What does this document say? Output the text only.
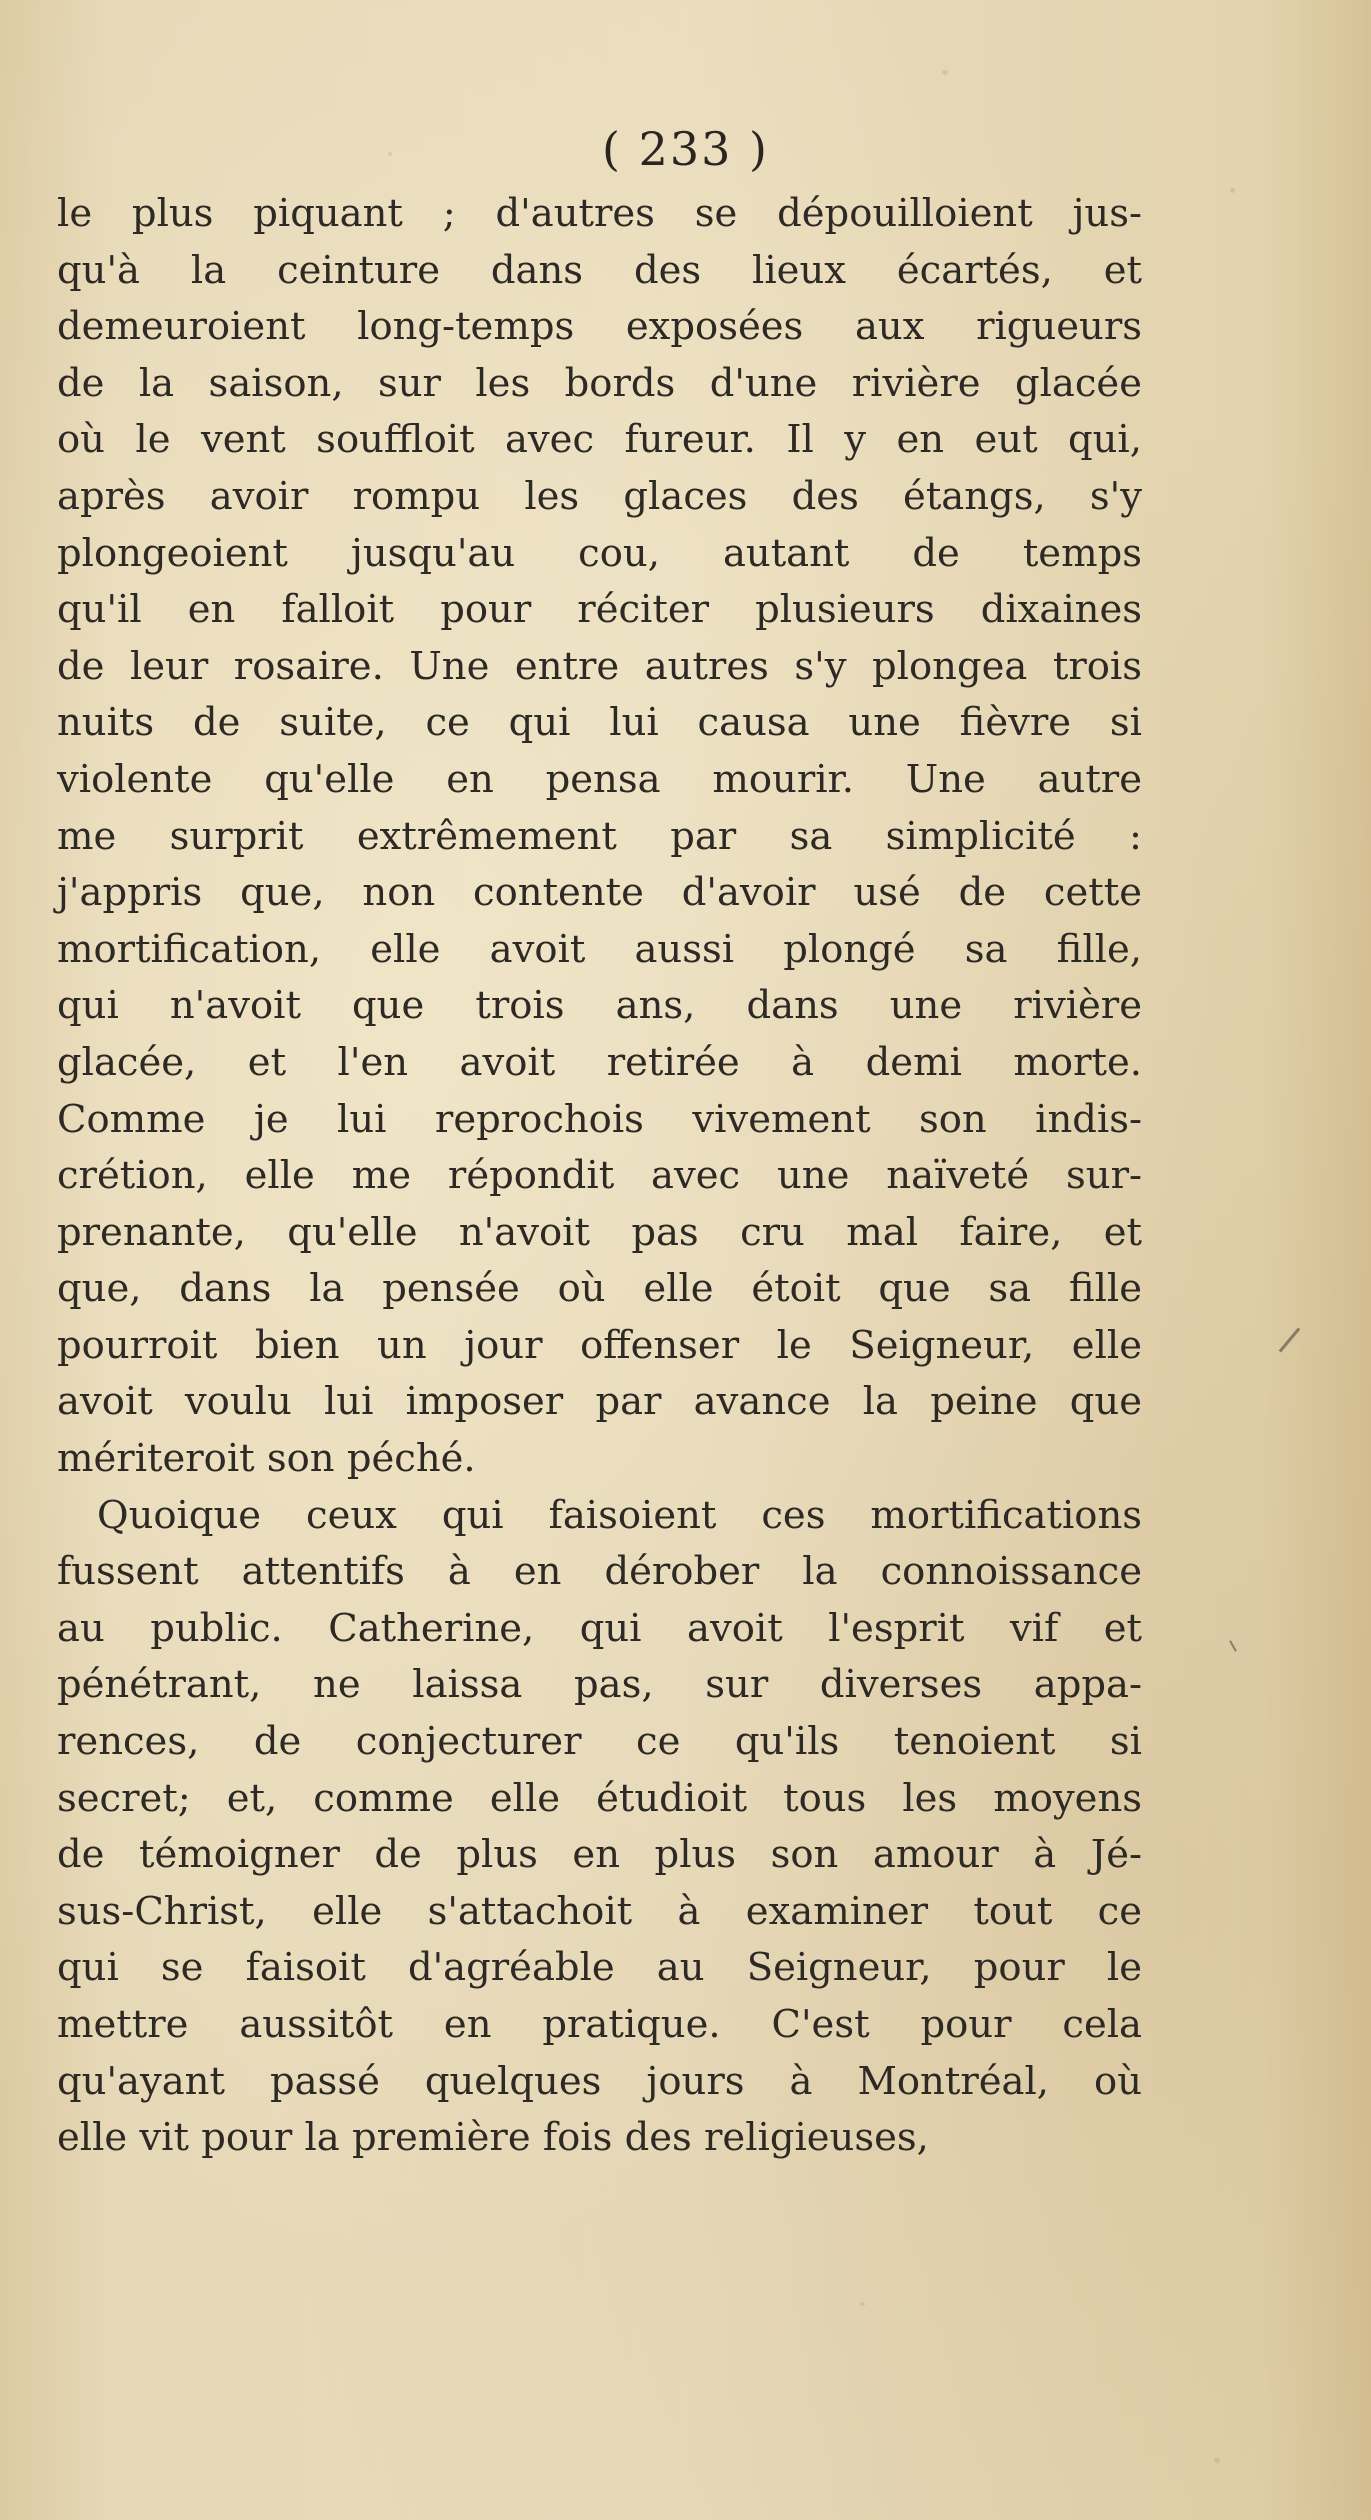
( 233 )
le plus piquant ; d'autres se dépouilloient jus-
qu'à la ceinture dans des lieux écartés, et
demeuroient long-temps exposées aux rigueurs
de la saison, sur les bords d'une rivière glacée
où le vent souffloit avec fureur. Il y en eut qui,
après avoir rompu les glaces des étangs, s'y
plongeoient jusqu'au cou, autant de temps
qu'il en falloit pour réciter plusieurs dixaines
de leur rosaire. Une entre autres s'y plongea trois
nuits de suite, ce qui lui causa une fièvre si
violente qu'elle en pensa mourir. Une autre
me surprit extrêmement par sa simplicité :
j'appris que, non contente d'avoir usé de cette
mortification, elle avoit aussi plongé sa fille,
qui n'avoit que trois ans, dans une rivière
glacée, et l'en avoit retirée à demi morte.
Comme je lui reprochois vivement son indis-
crétion, elle me répondit avec une naïveté sur-
prenante, qu'elle n'avoit pas cru mal faire, et
que, dans la pensée où elle étoit que sa fille
pourroit bien un jour offenser le Seigneur, elle
avoit voulu lui imposer par avance la peine que
mériteroit son péché.
Quoique ceux qui faisoient ces mortifications
fussent attentifs à en dérober la connoissance
au public. Catherine, qui avoit l'esprit vif et
pénétrant, ne laissa pas, sur diverses appa-
rences, de conjecturer ce qu'ils tenoient si
secret; et, comme elle étudioit tous les moyens
de témoigner de plus en plus son amour à Jé-
sus-Christ, elle s'attachoit à examiner tout ce
qui se faisoit d'agréable au Seigneur, pour le
mettre aussitôt en pratique. C'est pour cela
qu'ayant passé quelques jours à Montréal, où
elle vit pour la première fois des religieuses,
